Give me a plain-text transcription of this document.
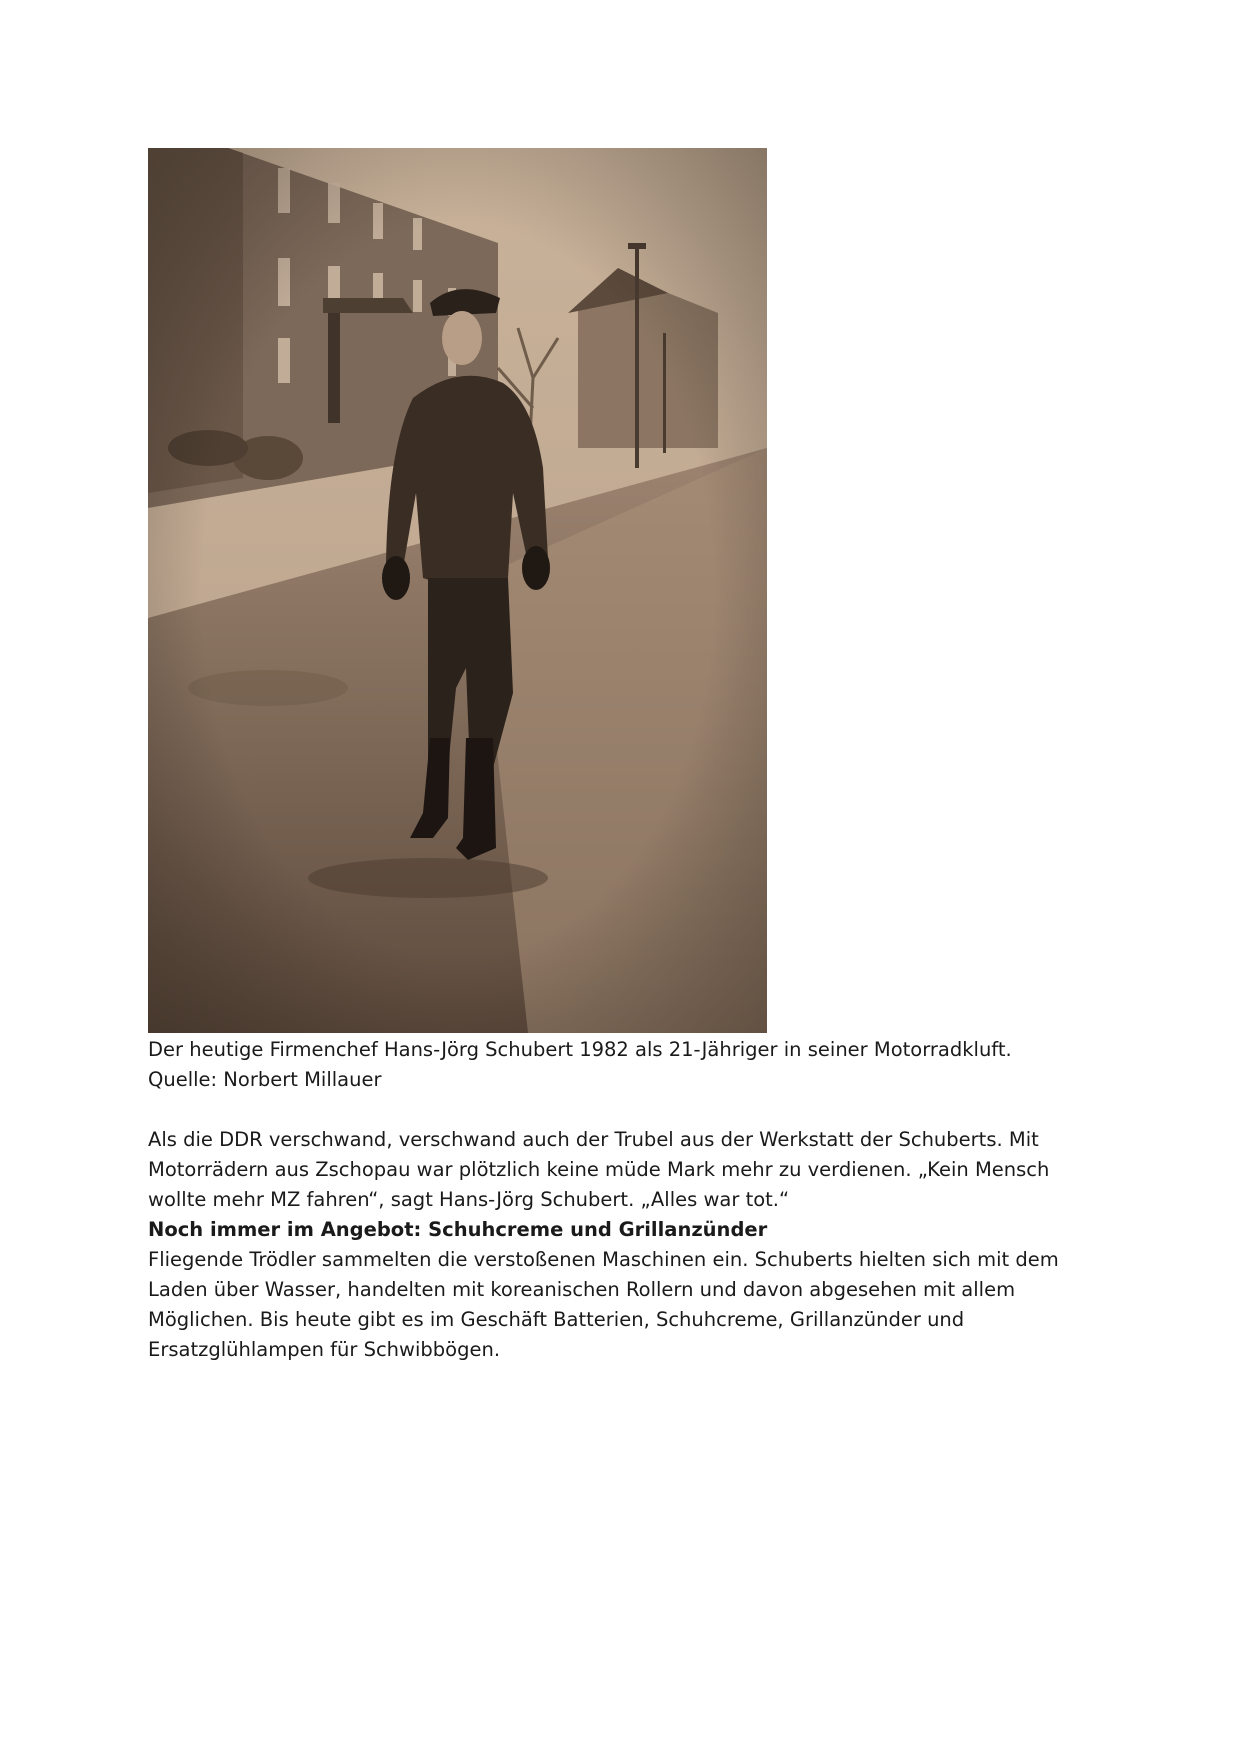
Der heutige Firmenchef Hans-Jörg Schubert 1982 als 21-Jähriger in seiner Motorradkluft.

Quelle: Norbert Millauer

Als die DDR verschwand, verschwand auch der Trubel aus der Werkstatt der Schuberts. Mit Motorrädern aus Zschopau war plötzlich keine müde Mark mehr zu verdienen. „Kein Mensch wollte mehr MZ fahren“, sagt Hans-Jörg Schubert. „Alles war tot.“

Noch immer im Angebot: Schuhcreme und Grillanzünder

Fliegende Trödler sammelten die verstoßenen Maschinen ein. Schuberts hielten sich mit dem Laden über Wasser, handelten mit koreanischen Rollern und davon abgesehen mit allem Möglichen. Bis heute gibt es im Geschäft Batterien, Schuhcreme, Grillanzünder und Ersatzglühlampen für Schwibbögen.
